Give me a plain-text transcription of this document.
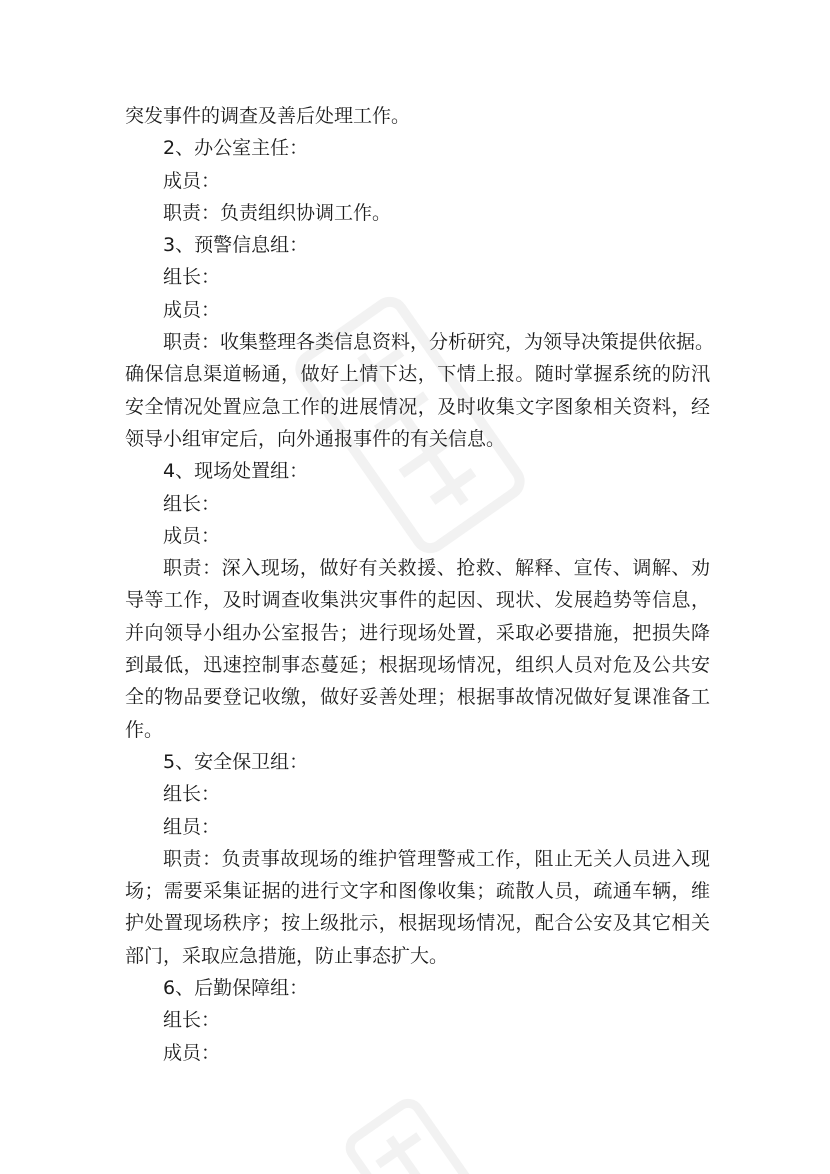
突发事件的调查及善后处理工作。
2、办公室主任：
成员：
职责：负责组织协调工作。
3、预警信息组：
组长：
成员：
职责：收集整理各类信息资料，分析研究，为领导决策提供依据。
确保信息渠道畅通，做好上情下达，下情上报。随时掌握系统的防汛
安全情况处置应急工作的进展情况，及时收集文字图象相关资料，经
领导小组审定后，向外通报事件的有关信息。
4、现场处置组：
组长：
成员：
职责：深入现场，做好有关救援、抢救、解释、宣传、调解、劝
导等工作，及时调查收集洪灾事件的起因、现状、发展趋势等信息，
并向领导小组办公室报告；进行现场处置，采取必要措施，把损失降
到最低，迅速控制事态蔓延；根据现场情况，组织人员对危及公共安
全的物品要登记收缴，做好妥善处理；根据事故情况做好复课准备工
作。
5、安全保卫组：
组长：
组员：
职责：负责事故现场的维护管理警戒工作，阻止无关人员进入现
场；需要采集证据的进行文字和图像收集；疏散人员，疏通车辆，维
护处置现场秩序；按上级批示，根据现场情况，配合公安及其它相关
部门，采取应急措施，防止事态扩大。
6、后勤保障组：
组长：
成员：
